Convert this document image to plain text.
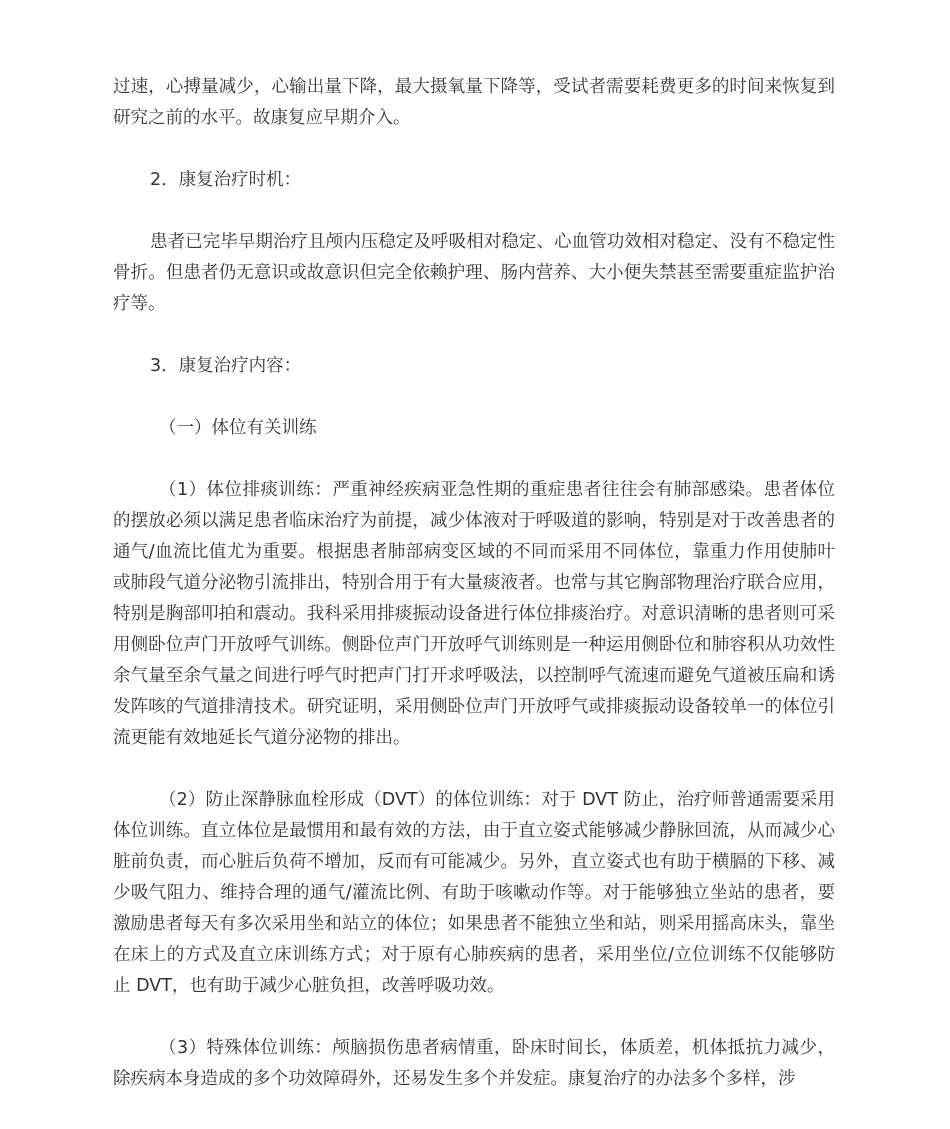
过速，心搏量减少，心输出量下降，最大摄氧量下降等，受试者需要耗费更多的时间来恢复到研究之前的水平。故康复应早期介入。

2．康复治疗时机：

患者已完毕早期治疗且颅内压稳定及呼吸相对稳定、心血管功效相对稳定、没有不稳定性骨折。但患者仍无意识或故意识但完全依赖护理、肠内营养、大小便失禁甚至需要重症监护治疗等。

3．康复治疗内容：

（一）体位有关训练

（1）体位排痰训练：严重神经疾病亚急性期的重症患者往往会有肺部感染。患者体位的摆放必须以满足患者临床治疗为前提，减少体液对于呼吸道的影响，特别是对于改善患者的通气/血流比值尤为重要。根据患者肺部病变区域的不同而采用不同体位，靠重力作用使肺叶或肺段气道分泌物引流排出，特别合用于有大量痰液者。也常与其它胸部物理治疗联合应用，特别是胸部叩拍和震动。我科采用排痰振动设备进行体位排痰治疗。对意识清晰的患者则可采用侧卧位声门开放呼气训练。侧卧位声门开放呼气训练则是一种运用侧卧位和肺容积从功效性余气量至余气量之间进行呼气时把声门打开求呼吸法，以控制呼气流速而避免气道被压扁和诱发阵咳的气道排清技术。研究证明，采用侧卧位声门开放呼气或排痰振动设备较单一的体位引流更能有效地延长气道分泌物的排出。

（2）防止深静脉血栓形成（DVT）的体位训练：对于 DVT 防止，治疗师普通需要采用体位训练。直立体位是最惯用和最有效的方法，由于直立姿式能够减少静脉回流，从而减少心脏前负责，而心脏后负荷不增加，反而有可能减少。另外，直立姿式也有助于横膈的下移、减少吸气阻力、维持合理的通气/灌流比例、有助于咳嗽动作等。对于能够独立坐站的患者，要激励患者每天有多次采用坐和站立的体位；如果患者不能独立坐和站，则采用摇高床头，靠坐在床上的方式及直立床训练方式；对于原有心肺疾病的患者，采用坐位/立位训练不仅能够防止 DVT，也有助于减少心脏负担，改善呼吸功效。

（3）特殊体位训练：颅脑损伤患者病情重，卧床时间长，体质差，机体抵抗力减少，除疾病本身造成的多个功效障碍外，还易发生多个并发症。康复治疗的办法多个多样，涉
